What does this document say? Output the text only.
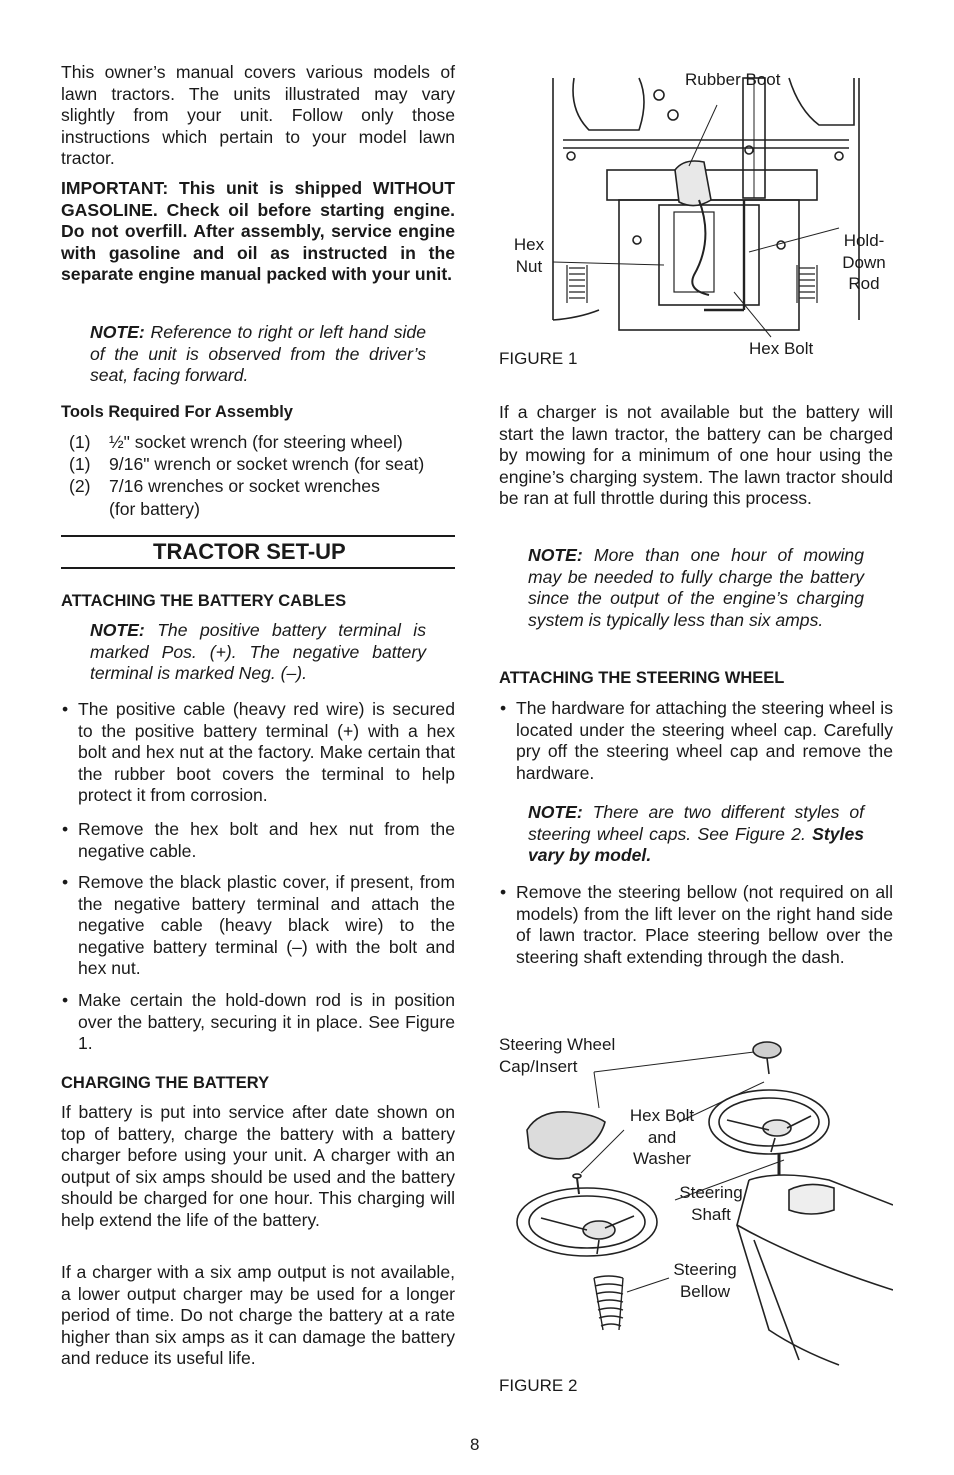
This owner’s manual covers various models of lawn tractors. The units illustrated may vary slightly from your unit. Follow only those instructions which pertain to your model lawn tractor.

IMPORTANT: This unit is shipped WITHOUT GASOLINE. Check oil before starting engine. Do not overfill. After assembly, service engine with gasoline and oil as instructed in the separate engine manual packed with your unit.

NOTE: Reference to right or left hand side of the unit is observed from the driver’s seat, facing forward.

Tools Required For Assembly
(1) ½" socket wrench (for steering wheel)
(1) 9/16" wrench or socket wrench (for seat)
(2) 7/16 wrenches or socket wrenches
(for battery)
TRACTOR SET-UP
ATTACHING THE BATTERY CABLES

NOTE: The positive battery terminal is marked Pos. (+). The negative battery terminal is marked Neg. (–).

• The positive cable (heavy red wire) is secured to the positive battery terminal (+) with a hex bolt and hex nut at the factory. Make certain that the rubber boot covers the terminal to help protect it from corrosion.
• Remove the hex bolt and hex nut from the negative cable.
• Remove the black plastic cover, if present, from the negative battery terminal and attach the negative cable (heavy black wire) to the negative battery terminal (–) with the bolt and hex nut.
• Make certain the hold-down rod is in position over the battery, securing it in place. See Figure 1.
CHARGING THE BATTERY

If battery is put into service after date shown on top of battery, charge the battery with a battery charger before using your unit. A charger with an output of six amps should be used and the battery should be charged for one hour. This charging will help extend the life of the battery.

If a charger with a six amp output is not available, a lower output charger may be used for a longer period of time. Do not charge the battery at a rate higher than six amps as it can damage the battery and reduce its useful life.

Rubber Boot
Hex Nut
Hold- Down Rod
Hex Bolt
FIGURE 1

If a charger is not available but the battery will start the lawn tractor, the battery can be charged by mowing for a minimum of one hour using the engine’s charging system. The lawn tractor should be ran at full throttle during this process.

NOTE: More than one hour of mowing may be needed to fully charge the battery since the output of the engine’s charging system is typically less than six amps.

ATTACHING THE STEERING WHEEL
• The hardware for attaching the steering wheel is located under the steering wheel cap. Carefully pry off the steering wheel cap and remove the hardware.

NOTE: There are two different styles of steering wheel caps. See Figure 2. Styles vary by model.

• Remove the steering bellow (not required on all models) from the lift lever on the right hand side of lawn tractor. Place steering bellow over the steering shaft extending through the dash.
Steering Wheel Cap/Insert
Hex Bolt and Washer
Steering Shaft
Steering Bellow
FIGURE 2
8
